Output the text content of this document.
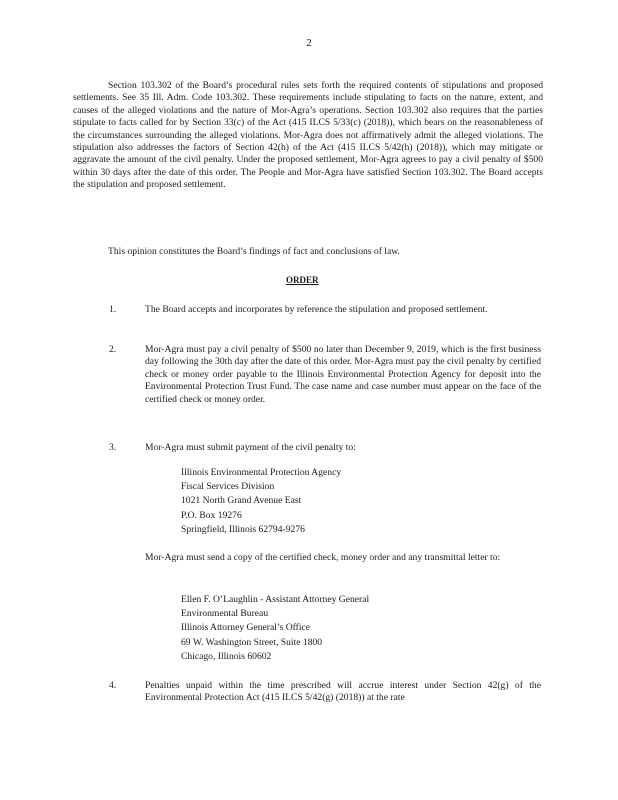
2

Section 103.302 of the Board’s procedural rules sets forth the required contents of stipulations and proposed settlements. See 35 Ill. Adm. Code 103.302. These requirements include stipulating to facts on the nature, extent, and causes of the alleged violations and the nature of Mor-Agra’s operations. Section 103.302 also requires that the parties stipulate to facts called for by Section 33(c) of the Act (415 ILCS 5/33(c) (2018)), which bears on the reasonableness of the circumstances surrounding the alleged violations. Mor-Agra does not affirmatively admit the alleged violations. The stipulation also addresses the factors of Section 42(h) of the Act (415 ILCS 5/42(h) (2018)), which may mitigate or aggravate the amount of the civil penalty. Under the proposed settlement, Mor-Agra agrees to pay a civil penalty of $500 within 30 days after the date of this order. The People and Mor-Agra have satisfied Section 103.302. The Board accepts the stipulation and proposed settlement.

This opinion constitutes the Board’s findings of fact and conclusions of law.

ORDER
1.	The Board accepts and incorporates by reference the stipulation and proposed settlement.
2.	Mor-Agra must pay a civil penalty of $500 no later than December 9, 2019, which is the first business day following the 30th day after the date of this order. Mor-Agra must pay the civil penalty by certified check or money order payable to the Illinois Environmental Protection Agency for deposit into the Environmental Protection Trust Fund. The case name and case number must appear on the face of the certified check or money order.
3.	Mor-Agra must submit payment of the civil penalty to:
Illinois Environmental Protection Agency
Fiscal Services Division
1021 North Grand Avenue East
P.O. Box 19276
Springfield, Illinois 62794-9276
Mor-Agra must send a copy of the certified check, money order and any transmittal letter to:
Ellen F. O’Laughlin - Assistant Attorney General
Environmental Bureau
Illinois Attorney General’s Office
69 W. Washington Street, Suite 1800
Chicago, Illinois 60602
4.	Penalties unpaid within the time prescribed will accrue interest under Section 42(g) of the Environmental Protection Act (415 ILCS 5/42(g) (2018)) at the rate
